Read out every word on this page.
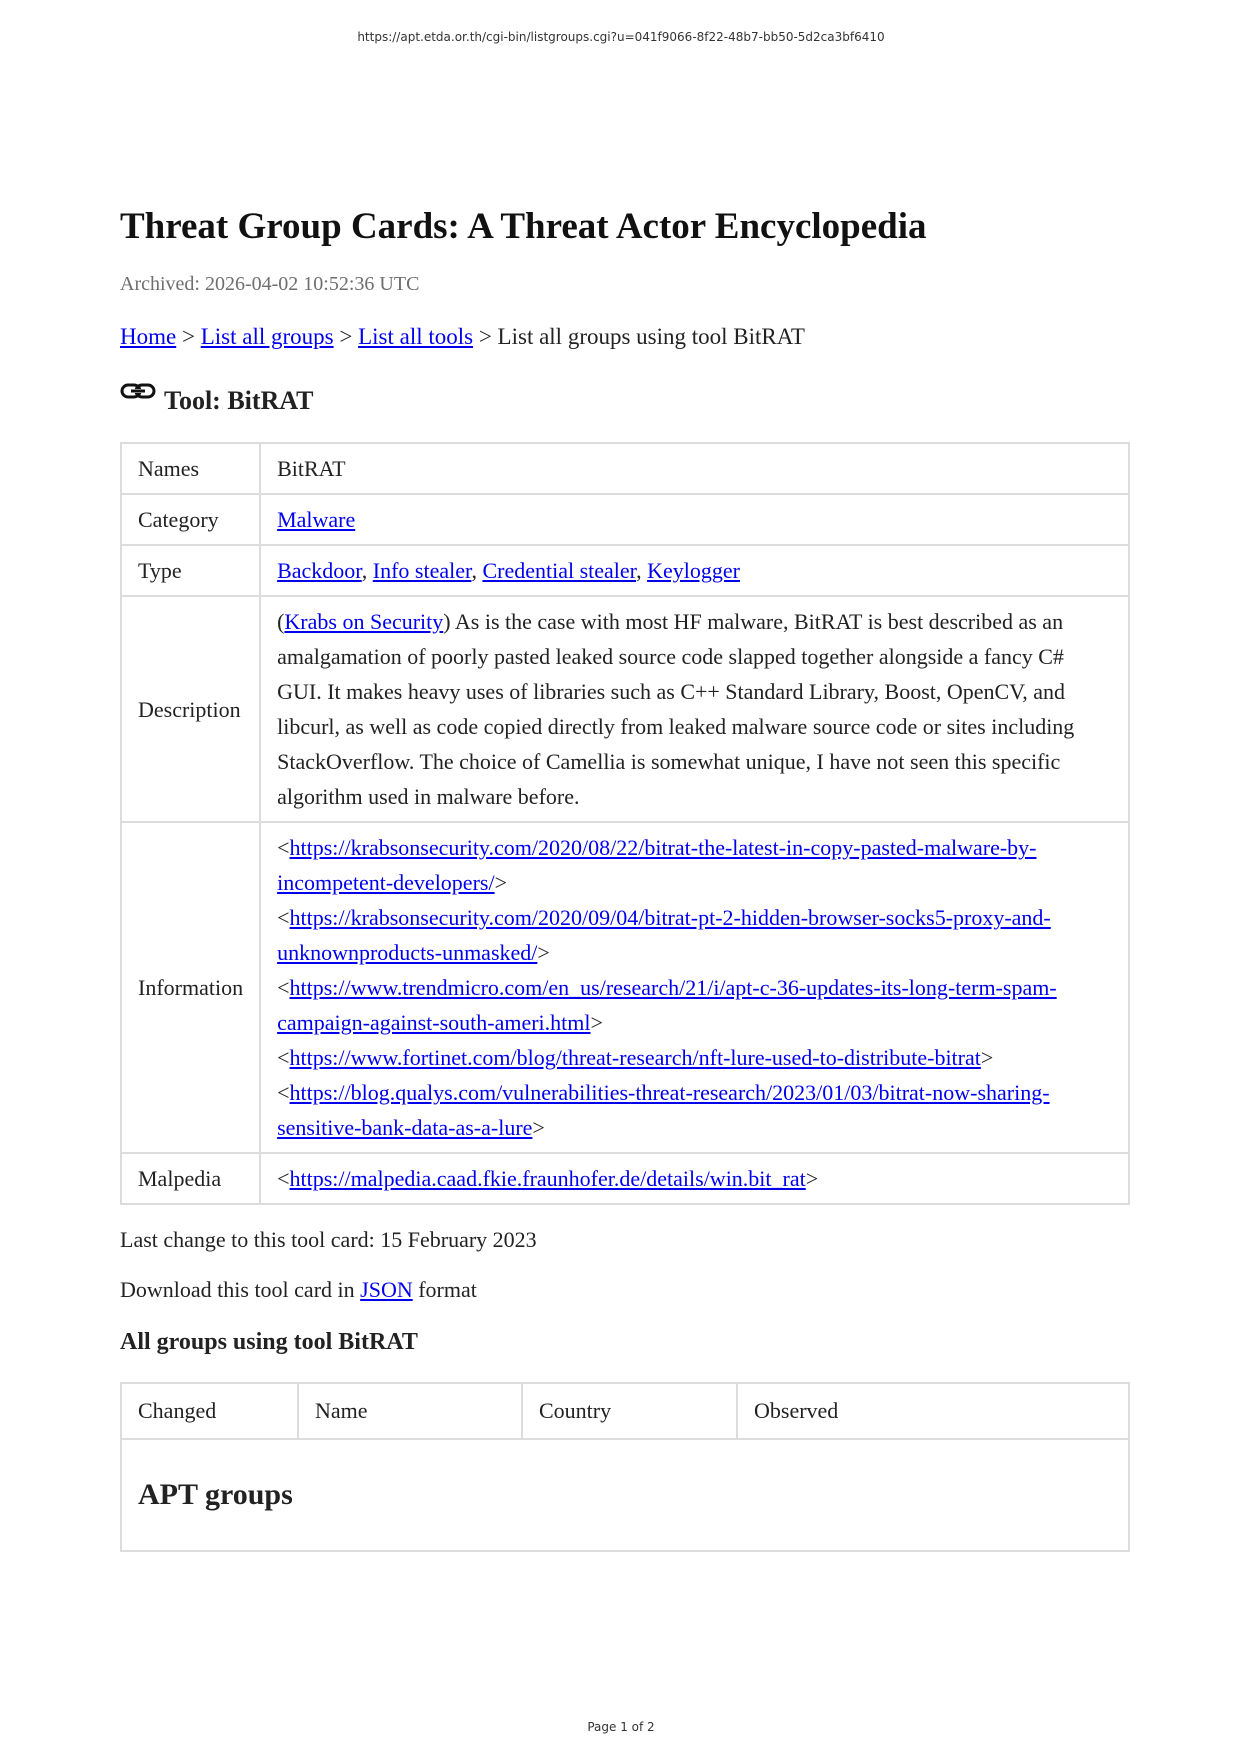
https://apt.etda.or.th/cgi-bin/listgroups.cgi?u=041f9066-8f22-48b7-bb50-5d2ca3bf6410
Threat Group Cards: A Threat Actor Encyclopedia
Archived: 2026-04-02 10:52:36 UTC
Home > List all groups > List all tools > List all groups using tool BitRAT
Tool: BitRAT
Names	BitRAT
Category	Malware
Type	Backdoor, Info stealer, Credential stealer, Keylogger
Description	(Krabs on Security) As is the case with most HF malware, BitRAT is best described as an amalgamation of poorly pasted leaked source code slapped together alongside a fancy C# GUI. It makes heavy uses of libraries such as C++ Standard Library, Boost, OpenCV, and libcurl, as well as code copied directly from leaked malware source code or sites including StackOverflow. The choice of Camellia is somewhat unique, I have not seen this specific algorithm used in malware before.
Information	<https://krabsonsecurity.com/2020/08/22/bitrat-the-latest-in-copy-pasted-malware-by-incompetent-developers/>
<https://krabsonsecurity.com/2020/09/04/bitrat-pt-2-hidden-browser-socks5-proxy-and-unknownproducts-unmasked/>
<https://www.trendmicro.com/en_us/research/21/i/apt-c-36-updates-its-long-term-spam-campaign-against-south-ameri.html>
<https://www.fortinet.com/blog/threat-research/nft-lure-used-to-distribute-bitrat>
<https://blog.qualys.com/vulnerabilities-threat-research/2023/01/03/bitrat-now-sharing-sensitive-bank-data-as-a-lure>

Malpedia	<https://malpedia.caad.fkie.fraunhofer.de/details/win.bit_rat>
Last change to this tool card: 15 February 2023
Download this tool card in JSON format
All groups using tool BitRAT
Changed	Name	Country	Observed
APT groups
Page 1 of 2
